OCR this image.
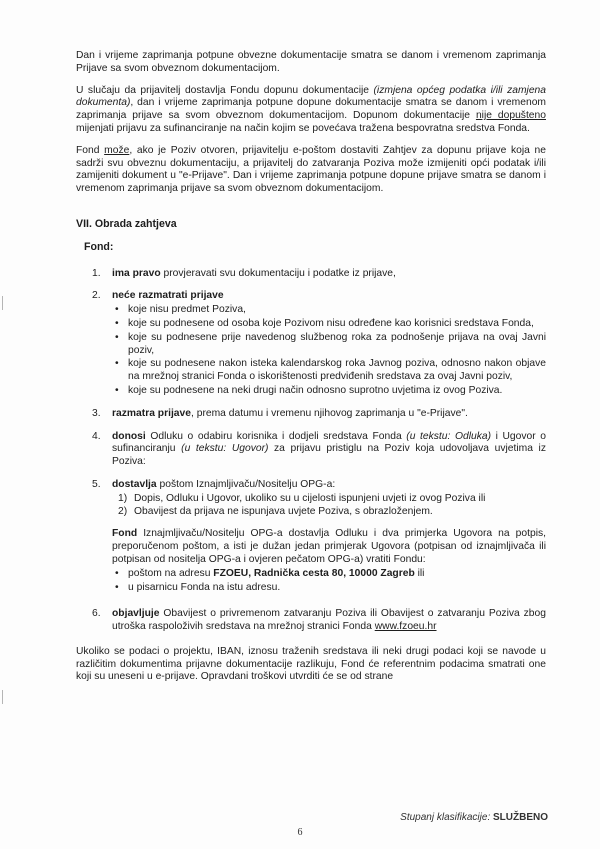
Dan i vrijeme zaprimanja potpune obvezne dokumentacije smatra se danom i vremenom zaprimanja Prijave sa svom obveznom dokumentacijom.

U slučaju da prijavitelj dostavlja Fondu dopunu dokumentacije (izmjena općeg podatka i/ili zamjena dokumenta), dan i vrijeme zaprimanja potpune dopune dokumentacije smatra se danom i vremenom zaprimanja prijave sa svom obveznom dokumentacijom. Dopunom dokumentacije nije dopušteno mijenjati prijavu za sufinanciranje na način kojim se povećava tražena bespovratna sredstva Fonda.

Fond može, ako je Poziv otvoren, prijavitelju e-poštom dostaviti Zahtjev za dopunu prijave koja ne sadrži svu obveznu dokumentaciju, a prijavitelj do zatvaranja Poziva može izmijeniti opći podatak i/ili zamijeniti dokument u "e-Prijave". Dan i vrijeme zaprimanja potpune dopune prijave smatra se danom i vremenom zaprimanja prijave sa svom obveznom dokumentacijom.

VII. Obrada zahtjeva
Fond:
1. ima pravo provjeravati svu dokumentaciju i podatke iz prijave,
2. neće razmatrati prijave
• koje nisu predmet Poziva,
• koje su podnesene od osoba koje Pozivom nisu određene kao korisnici sredstava Fonda,
• koje su podnesene prije navedenog službenog roka za podnošenje prijava na ovaj Javni poziv,
• koje su podnesene nakon isteka kalendarskog roka Javnog poziva, odnosno nakon objave na mrežnoj stranici Fonda o iskorištenosti predviđenih sredstava za ovaj Javni poziv,
• koje su podnesene na neki drugi način odnosno suprotno uvjetima iz ovog Poziva.
3. razmatra prijave, prema datumu i vremenu njihovog zaprimanja u "e-Prijave".
4. donosi Odluku o odabiru korisnika i dodjeli sredstava Fonda (u tekstu: Odluka) i Ugovor o sufinanciranju (u tekstu: Ugovor) za prijavu pristiglu na Poziv koja udovoljava uvjetima iz Poziva:
5. dostavlja poštom Iznajmljivaču/Nositelju OPG-a:
1) Dopis, Odluku i Ugovor, ukoliko su u cijelosti ispunjeni uvjeti iz ovog Poziva ili
2) Obavijest da prijava ne ispunjava uvjete Poziva, s obrazloženjem.
Fond Iznajmljivaču/Nositelju OPG-a dostavlja Odluku i dva primjerka Ugovora na potpis, preporučenom poštom, a isti je dužan jedan primjerak Ugovora (potpisan od iznajmljivača ili potpisan od nositelja OPG-a i ovjeren pečatom OPG-a) vratiti Fondu:
• poštom na adresu FZOEU, Radnička cesta 80, 10000 Zagreb ili
• u pisarnicu Fonda na istu adresu.
6. objavljuje Obavijest o privremenom zatvaranju Poziva ili Obavijest o zatvaranju Poziva zbog utroška raspoloživih sredstava na mrežnoj stranici Fonda www.fzoeu.hr

Ukoliko se podaci o projektu, IBAN, iznosu traženih sredstava ili neki drugi podaci koji se navode u različitim dokumentima prijavne dokumentacije razlikuju, Fond će referentnim podacima smatrati one koji su uneseni u e-prijave. Opravdani troškovi utvrditi će se od strane

Stupanj klasifikacije: SLUŽBENO
6
